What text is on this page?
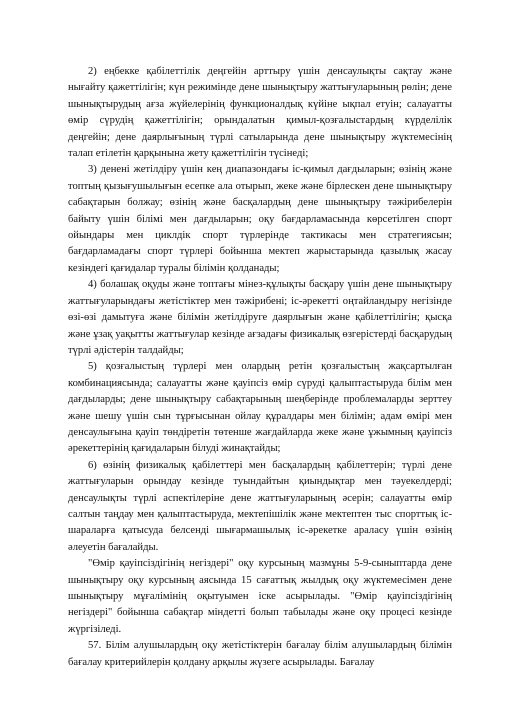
2) еңбекке қабілеттілік деңгейін арттыру үшін денсаулықты сақтау және нығайту қажеттілігін; күн режимінде дене шынықтыру жаттығуларының рөлін; дене шынықтырудың ағза жүйелерінің функционалдық күйіне ықпал етуін; салауатты өмір сүрудің қажеттілігін; орындалатын қимыл-қозғалыстардың күрделілік деңгейін; дене даярлығының түрлі сатыларында дене шынықтыру жүктемесінің талап етілетін қарқынына жету қажеттілігін түсінеді;

3) денені жетілдіру үшін кең диапазондағы іс-қимыл дағдыларын; өзінің және топтың қызығушылығын есепке ала отырып, жеке және бірлескен дене шынықтыру сабақтарын болжау; өзінің және басқалардың дене шынықтыру тәжірибелерін байыту үшін білімі мен дағдыларын; оқу бағдарламасында көрсетілген спорт ойындары мен циклдік спорт түрлерінде тактикасы мен стратегиясын; бағдарламадағы спорт түрлері бойынша мектеп жарыстарында қазылық жасау кезіндегі қағидалар туралы білімін қолданады;

4) болашақ оқуды және топтағы мінез-құлықты басқару үшін дене шынықтыру жаттығуларындағы жетістіктер мен тәжірибені; іс-әрекетті оңтайландыру негізінде өзі-өзі дамытуға және білімін жетілдіруге даярлығын және қабілеттілігін; қысқа және ұзақ уақытты жаттығулар кезінде ағзадағы физикалық өзгерістерді басқарудың түрлі әдістерін талдайды;

5) қозғалыстың түрлері мен олардың ретін қозғалыстың жақсартылған комбинациясында; салауатты және қауіпсіз өмір сүруді қалыптастыруда білім мен дағдыларды; дене шынықтыру сабақтарының шеңберінде проблемаларды зерттеу және шешу үшін сын тұрғысынан ойлау құралдары мен білімін; адам өмірі мен денсаулығына қауіп төндіретін төтенше жағдайларда жеке және ұжымның қауіпсіз әрекеттерінің қағидаларын білуді жинақтайды;

6) өзінің физикалық қабілеттері мен басқалардың қабілеттерін; түрлі дене жаттығуларын орындау кезінде туындайтын қиындықтар мен тәуекелдерді; денсаулықты түрлі аспектілеріне дене жаттығуларының әсерін; салауатты өмір салтын таңдау мен қалыптастыруда, мектепішілік және мектептен тыс спорттық іс-шараларға қатысуда белсенді шығармашылық іс-әрекетке араласу үшін өзінің әлеуетін бағалайды.

"Өмір қауіпсіздігінің негіздері" оқу курсының мазмұны 5-9-сыныптарда дене шынықтыру оқу курсының аясында 15 сағаттық жылдық оқу жүктемесімен дене шынықтыру мұғалімінің оқытуымен іске асырылады. "Өмір қауіпсіздігінің негіздері" бойынша сабақтар міндетті болып табылады және оқу процесі кезінде жүргізіледі.

57. Білім алушылардың оқу жетістіктерін бағалау білім алушылардың білімін бағалау критерийлерін қолдану арқылы жүзеге асырылады. Бағалау
